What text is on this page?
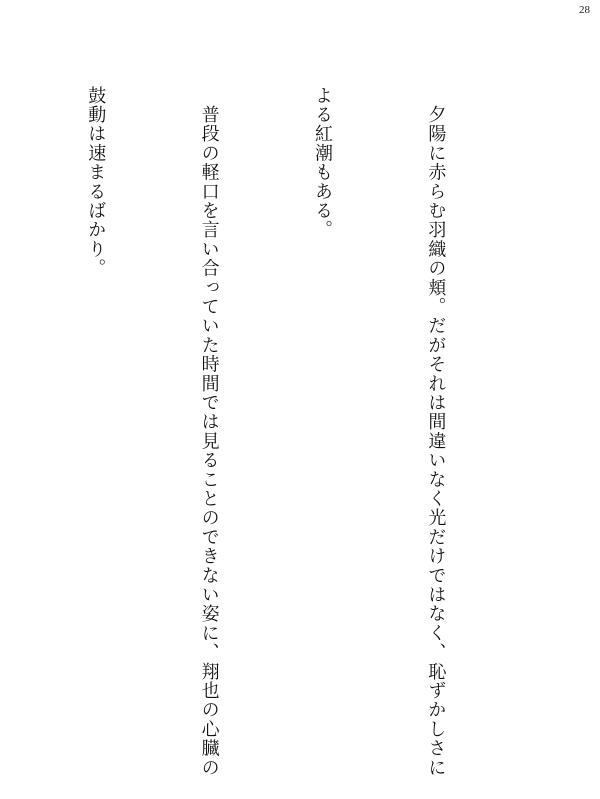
28

　夕陽に赤らむ羽織の頬。だがそれは間違いなく光だけではなく、恥ずかしさに

よる紅潮もある。

　普段の軽口を言い合っていた時間では見ることのできない姿に、翔也の心臓の

鼓動は速まるばかり。
